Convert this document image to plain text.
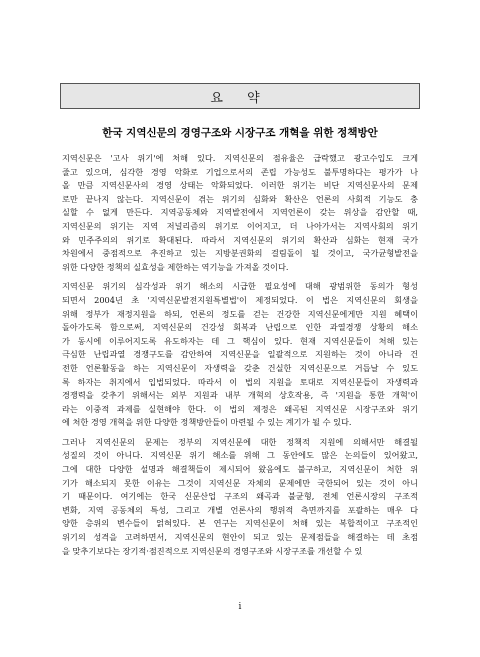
요 약
한국 지역신문의 경영구조와 시장구조 개혁을 위한 정책방안
지역신문은 '고사 위기'에 처해 있다. 지역신문의 점유율은 급락했고 광고수입도 크게
줄고 있으며, 심각한 경영 악화로 기업으로서의 존립 가능성도 불투명하다는 평가가 나
올 만큼 지역신문사의 경영 상태는 악화되었다. 이러한 위기는 비단 지역신문사의 문제
로만 끝나지 않는다. 지역신문이 겪는 위기의 심화와 확산은 언론의 사회적 기능도 충
실할 수 없게 만든다. 지역공동체와 지역발전에서 지역언론이 갖는 위상을 감안할 때,
지역신문의 위기는 지역 저널리즘의 위기로 이어지고, 더 나아가서는 지역사회의 위기
와 민주주의의 위기로 확대된다. 따라서 지역신문의 위기의 확산과 심화는 현재 국가
차원에서 중점적으로 추진하고 있는 지방분권화의 걸림돌이 될 것이고, 국가균형발전을
위한 다양한 정책의 실효성을 제한하는 역기능을 가져올 것이다.
지역신문 위기의 심각성과 위기 해소의 시급한 필요성에 대해 광범위한 동의가 형성
되면서 2004년 초 '지역신문발전지원특별법'이 제정되었다. 이 법은 지역신문의 회생을
위해 정부가 재정지원을 하되, 언론의 정도를 걷는 건강한 지역신문에게만 지원 혜택이
돌아가도록 함으로써, 지역신문의 건강성 회복과 난립으로 인한 과열경쟁 상황의 해소
가 동시에 이루어지도록 유도하자는 데 그 핵심이 있다. 현재 지역신문들이 처해 있는
극심한 난립과열 경쟁구도를 감안하여 지역신문을 일괄적으로 지원하는 것이 아니라 건
전한 언론활동을 하는 지역신문이 자생력을 갖춘 건실한 지역신문으로 거듭날 수 있도
록 하자는 취지에서 입법되었다. 따라서 이 법의 지원을 토대로 지역신문들이 자생력과
경쟁력을 갖추기 위해서는 외부 지원과 내부 개혁의 상호작용, 즉 '지원을 통한 개혁'이
라는 이중적 과제를 실현해야 한다. 이 법의 제정은 왜곡된 지역신문 시장구조와 위기
에 처한 경영 개혁을 위한 다양한 정책방안들이 마련될 수 있는 계기가 될 수 있다.
그러나 지역신문의 문제는 정부의 지역신문에 대한 정책적 지원에 의해서만 해결될
성질의 것이 아니다. 지역신문 위기 해소를 위해 그 동안에도 많은 논의들이 있어왔고,
그에 대한 다양한 설명과 해결책들이 제시되어 왔음에도 불구하고, 지역신문이 처한 위
기가 해소되지 못한 이유는 그것이 지역신문 자체의 문제에만 국한되어 있는 것이 아니
기 때문이다. 여기에는 한국 신문산업 구조의 왜곡과 불균형, 전체 언론시장의 구조적
변화, 지역 공동체의 특성, 그리고 개별 언론사의 행위적 측면까지를 포괄하는 매우 다
양한 층위의 변수들이 얽혀있다. 본 연구는 지역신문이 처해 있는 복합적이고 구조적인
위기의 성격을 고려하면서, 지역신문의 현안이 되고 있는 문제점들을 해결하는 데 초점
을 맞추기보다는 장기적·점진적으로 지역신문의 경영구조와 시장구조를 개선할 수 있
i
